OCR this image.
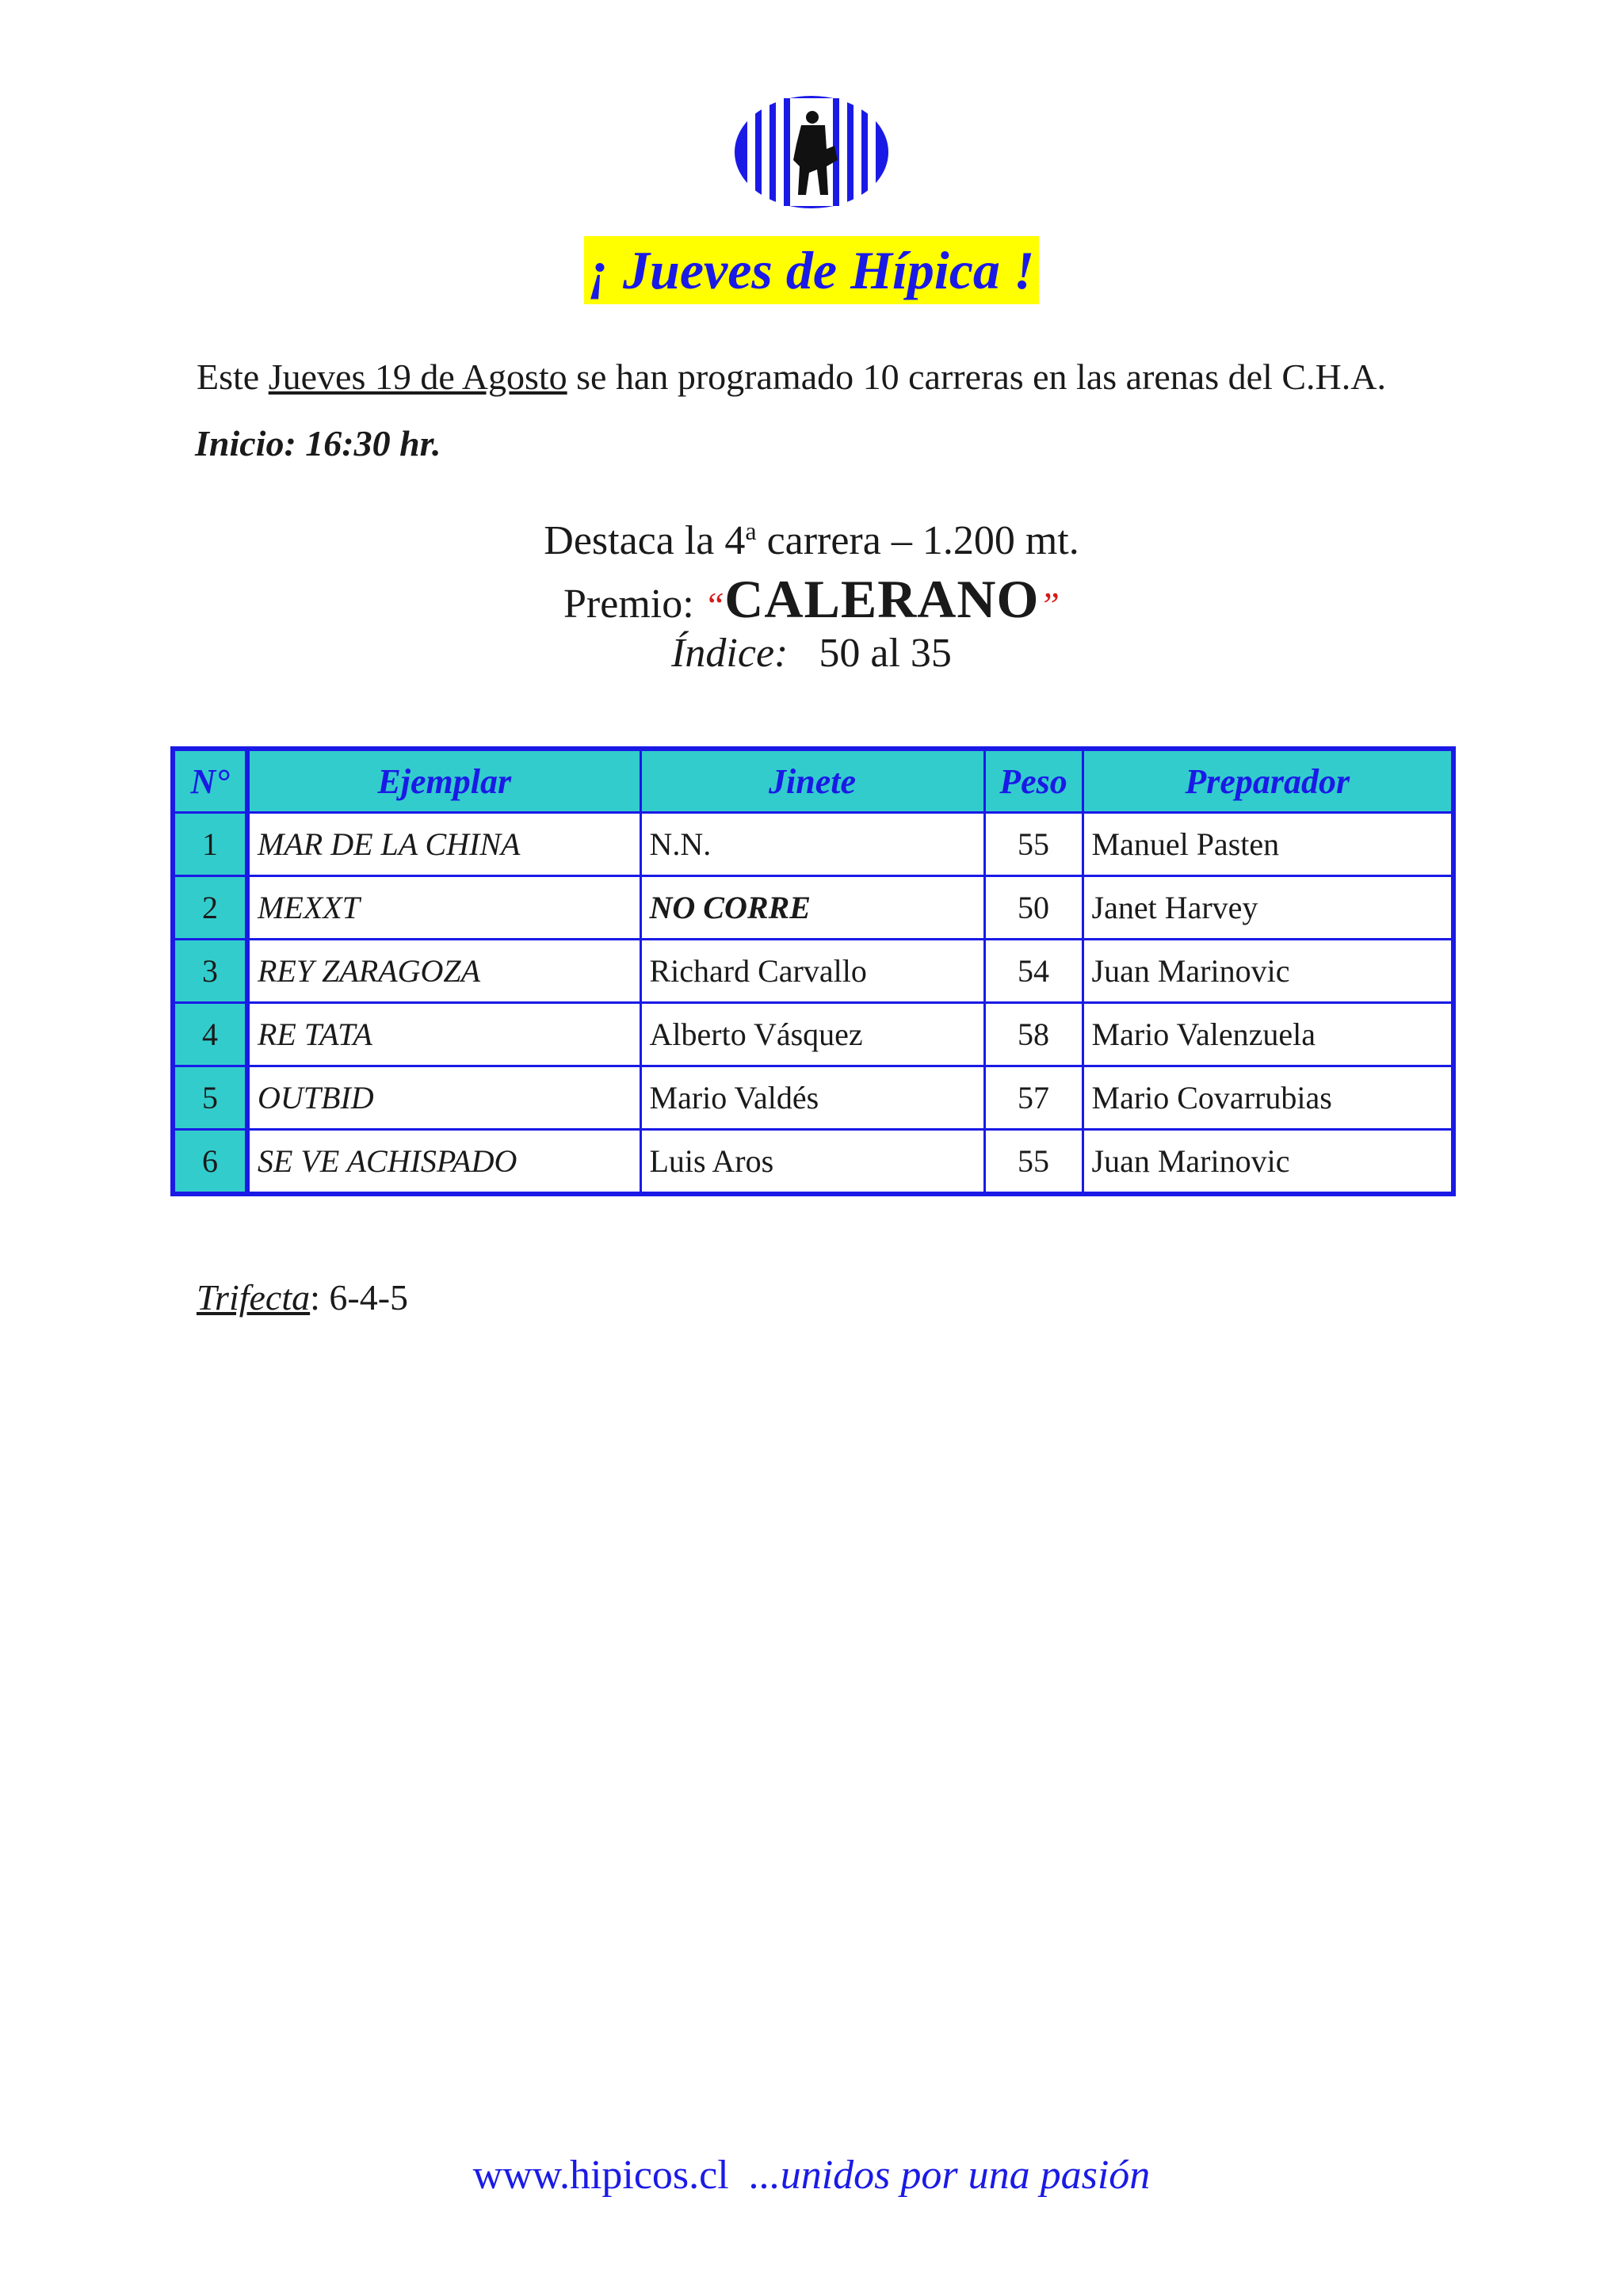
¡ Jueves de Hípica !
Este Jueves 19 de Agosto se han programado 10 carreras en las arenas del C.H.A.
Inicio: 16:30 hr.
Destaca la 4$^a$ carrera – 1.200 mt.
Premio: “CALERANO”
Índice: 50 al 35
N°	Ejemplar	Jinete	Peso	Preparador
1	MAR DE LA CHINA	N.N.	55	Manuel Pasten
2	MEXXT	NO CORRE	50	Janet Harvey
3	REY ZARAGOZA	Richard Carvallo	54	Juan Marinovic
4	RE TATA	Alberto Vásquez	58	Mario Valenzuela
5	OUTBID	Mario Valdés	57	Mario Covarrubias
6	SE VE ACHISPADO	Luis Aros	55	Juan Marinovic
Trifecta: 6-4-5
www.hipicos.cl ...unidos por una pasión
